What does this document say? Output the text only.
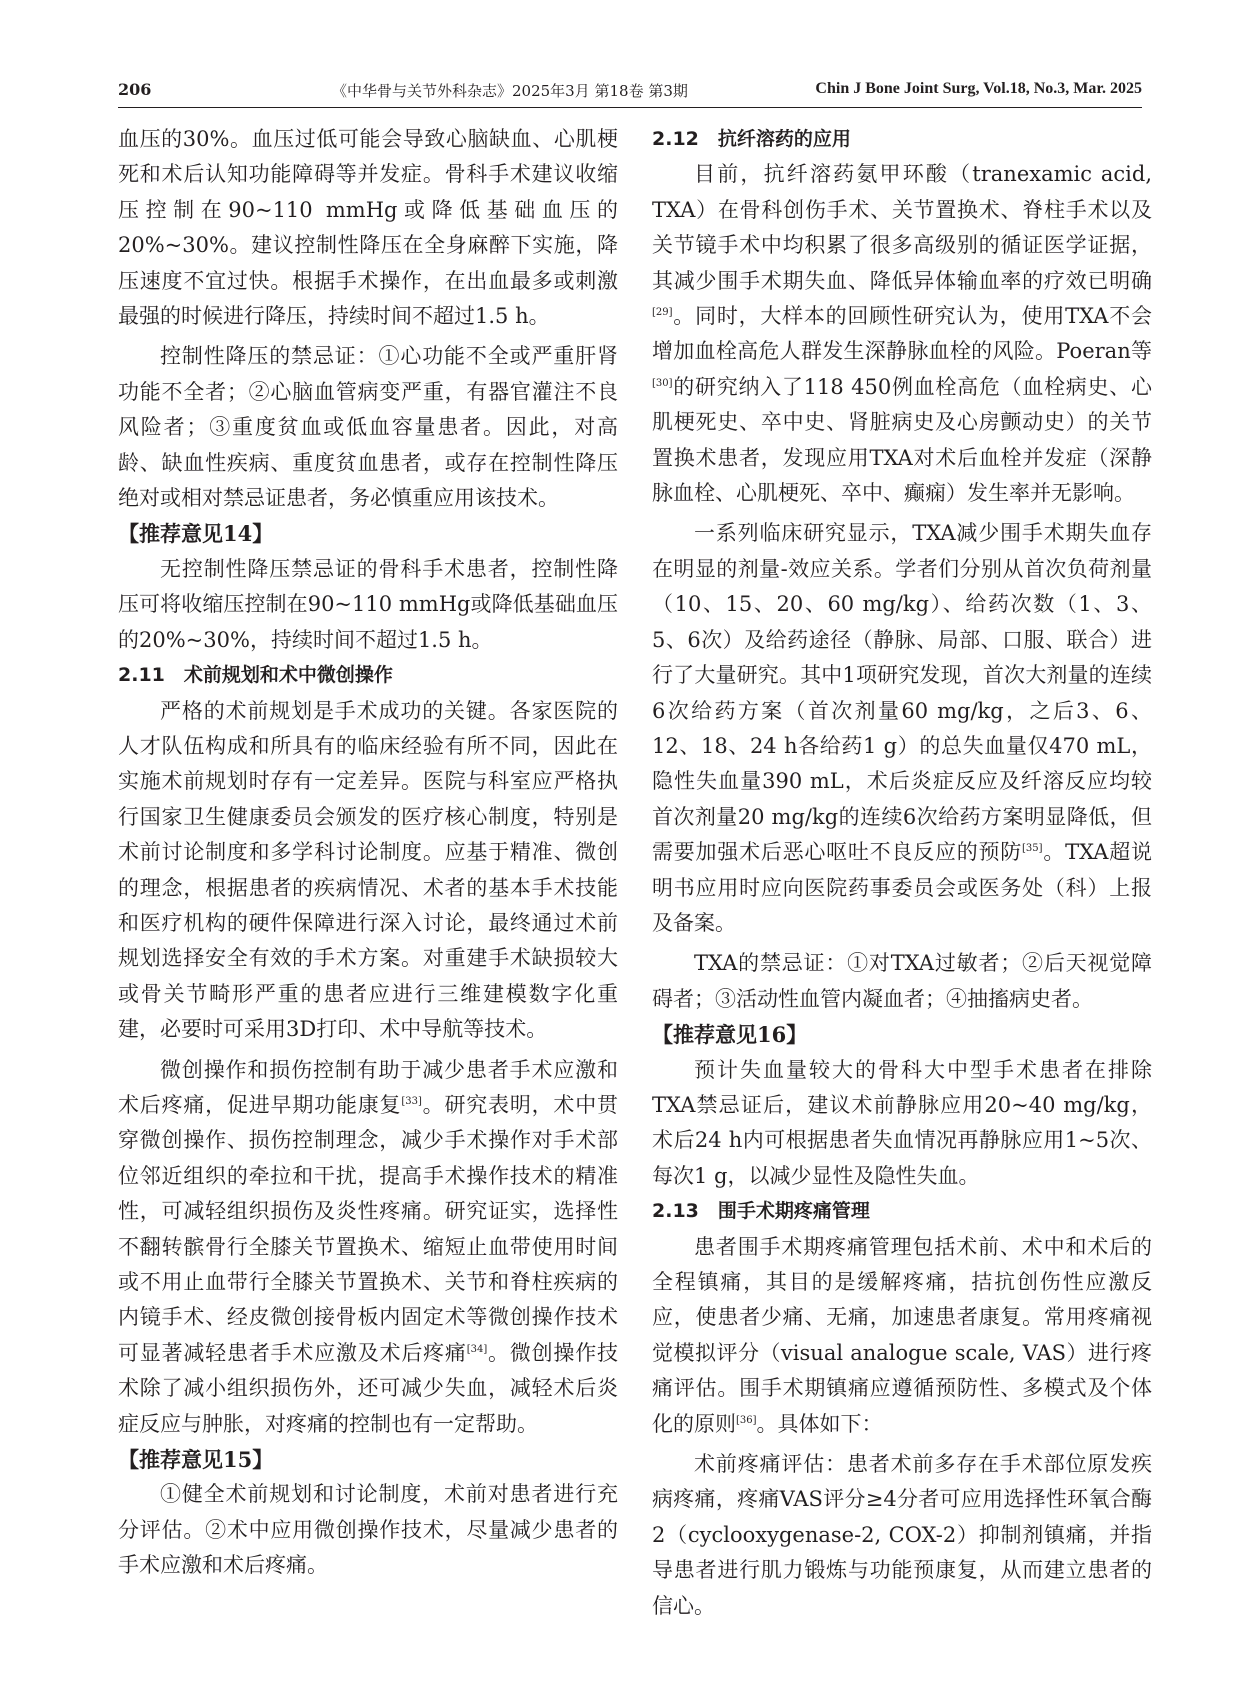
206	《中华骨与关节外科杂志》2025年3月 第18卷 第3期	Chin J Bone Joint Surg, Vol.18, No.3, Mar. 2025

血压的30%。血压过低可能会导致心脑缺血、心肌梗死和术后认知功能障碍等并发症。骨科手术建议收缩压控制在90~110 mmHg或降低基础血压的20%~30%。建议控制性降压在全身麻醉下实施，降压速度不宜过快。根据手术操作，在出血最多或刺激最强的时候进行降压，持续时间不超过1.5 h。

控制性降压的禁忌证：①心功能不全或严重肝肾功能不全者；②心脑血管病变严重，有器官灌注不良风险者；③重度贫血或低血容量患者。因此，对高龄、缺血性疾病、重度贫血患者，或存在控制性降压绝对或相对禁忌证患者，务必慎重应用该技术。

【推荐意见14】

无控制性降压禁忌证的骨科手术患者，控制性降压可将收缩压控制在90~110 mmHg或降低基础血压的20%~30%，持续时间不超过1.5 h。

2.11　术前规划和术中微创操作

严格的术前规划是手术成功的关键。各家医院的人才队伍构成和所具有的临床经验有所不同，因此在实施术前规划时存有一定差异。医院与科室应严格执行国家卫生健康委员会颁发的医疗核心制度，特别是术前讨论制度和多学科讨论制度。应基于精准、微创的理念，根据患者的疾病情况、术者的基本手术技能和医疗机构的硬件保障进行深入讨论，最终通过术前规划选择安全有效的手术方案。对重建手术缺损较大或骨关节畸形严重的患者应进行三维建模数字化重建，必要时可采用3D打印、术中导航等技术。

微创操作和损伤控制有助于减少患者手术应激和术后疼痛，促进早期功能康复[33]。研究表明，术中贯穿微创操作、损伤控制理念，减少手术操作对手术部位邻近组织的牵拉和干扰，提高手术操作技术的精准性，可减轻组织损伤及炎性疼痛。研究证实，选择性不翻转髌骨行全膝关节置换术、缩短止血带使用时间或不用止血带行全膝关节置换术、关节和脊柱疾病的内镜手术、经皮微创接骨板内固定术等微创操作技术可显著减轻患者手术应激及术后疼痛[34]。微创操作技术除了减小组织损伤外，还可减少失血，减轻术后炎症反应与肿胀，对疼痛的控制也有一定帮助。

【推荐意见15】

①健全术前规划和讨论制度，术前对患者进行充分评估。②术中应用微创操作技术，尽量减少患者的手术应激和术后疼痛。

2.12　抗纤溶药的应用

目前，抗纤溶药氨甲环酸（tranexamic acid, TXA）在骨科创伤手术、关节置换术、脊柱手术以及关节镜手术中均积累了很多高级别的循证医学证据，其减少围手术期失血、降低异体输血率的疗效已明确[29]。同时，大样本的回顾性研究认为，使用TXA不会增加血栓高危人群发生深静脉血栓的风险。Poeran等[30]的研究纳入了118 450例血栓高危（血栓病史、心肌梗死史、卒中史、肾脏病史及心房颤动史）的关节置换术患者，发现应用TXA对术后血栓并发症（深静脉血栓、心肌梗死、卒中、癫痫）发生率并无影响。

一系列临床研究显示，TXA减少围手术期失血存在明显的剂量-效应关系。学者们分别从首次负荷剂量（10、15、20、60 mg/kg）、给药次数（1、3、5、6次）及给药途径（静脉、局部、口服、联合）进行了大量研究。其中1项研究发现，首次大剂量的连续6次给药方案（首次剂量60 mg/kg，之后3、6、12、18、24 h各给药1 g）的总失血量仅470 mL，隐性失血量390 mL，术后炎症反应及纤溶反应均较首次剂量20 mg/kg的连续6次给药方案明显降低，但需要加强术后恶心呕吐不良反应的预防[35]。TXA超说明书应用时应向医院药事委员会或医务处（科）上报及备案。

TXA的禁忌证：①对TXA过敏者；②后天视觉障碍者；③活动性血管内凝血者；④抽搐病史者。

【推荐意见16】

预计失血量较大的骨科大中型手术患者在排除TXA禁忌证后，建议术前静脉应用20~40 mg/kg，术后24 h内可根据患者失血情况再静脉应用1~5次、每次1 g，以减少显性及隐性失血。

2.13　围手术期疼痛管理

患者围手术期疼痛管理包括术前、术中和术后的全程镇痛，其目的是缓解疼痛，拮抗创伤性应激反应，使患者少痛、无痛，加速患者康复。常用疼痛视觉模拟评分（visual analogue scale, VAS）进行疼痛评估。围手术期镇痛应遵循预防性、多模式及个体化的原则[36]。具体如下：

术前疼痛评估：患者术前多存在手术部位原发疾病疼痛，疼痛VAS评分≥4分者可应用选择性环氧合酶2（cyclooxygenase-2, COX-2）抑制剂镇痛，并指导患者进行肌力锻炼与功能预康复，从而建立患者的信心。
